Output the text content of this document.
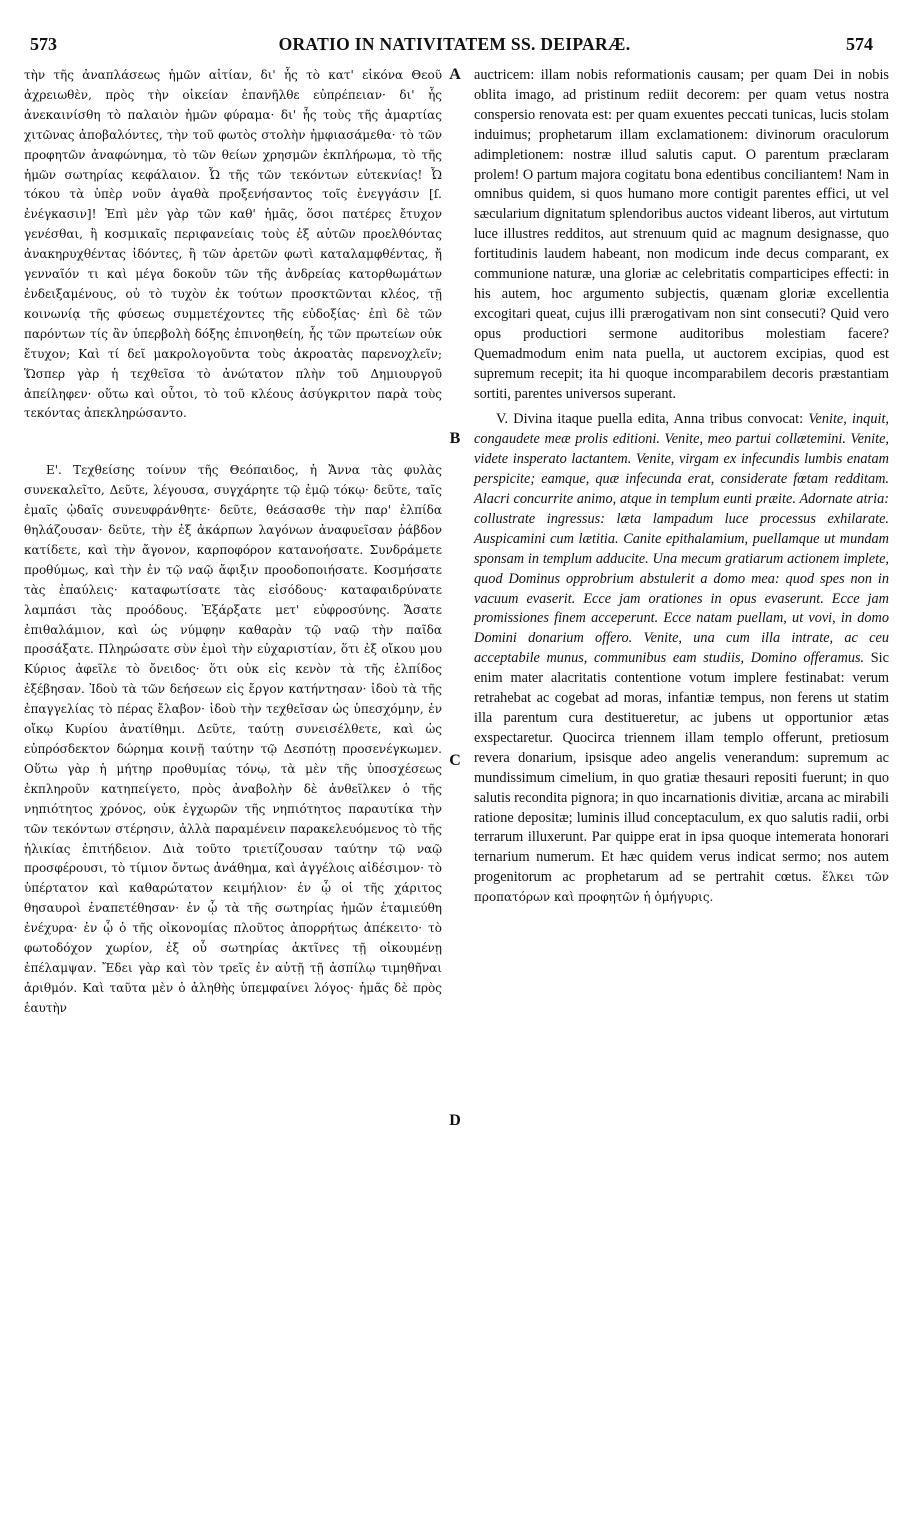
573	ORATIO IN NATIVITATEM SS. DEIPARÆ.	574

τὴν τῆς ἀναπλάσεως ἡμῶν αἰτίαν, δι' ἧς τὸ κατ' εἰκόνα Θεοῦ ἀχρειωθὲν, πρὸς τὴν οἰκείαν ἐπανῆλθε εὐπρέπειαν· δι' ἧς ἀνεκαινίσθη τὸ παλαιὸν ἡμῶν φύραμα· δι' ἧς τοὺς τῆς ἁμαρτίας χιτῶνας ἀποβαλόντες, τὴν τοῦ φωτὸς στολὴν ἠμφιασάμεθα· τὸ τῶν προφητῶν ἀναφώνημα, τὸ τῶν θείων χρησμῶν ἐκπλήρωμα, τὸ τῆς ἡμῶν σωτηρίας κεφάλαιον. Ὦ τῆς τῶν τεκόντων εὐτεκνίας! Ὦ τόκου τὰ ὑπὲρ νοῦν ἀγαθὰ προξενήσαντος τοῖς ἐνεγγάσιν [ſ. ἐνέγκασιν]! Ἐπὶ μὲν γὰρ τῶν καθ' ἡμᾶς, ὅσοι πατέρες ἔτυχον γενέσθαι, ἢ κοσμικαῖς περιφανείαις τοὺς ἐξ αὐτῶν προελθόντας ἀνακηρυχθέντας ἰδόντες, ἢ τῶν ἀρετῶν φωτὶ καταλαμφθέντας, ἤ γενναῖόν τι καὶ μέγα δοκοῦν τῶν τῆς ἀνδρείας κατορθωμάτων ἐνδειξαμένους, οὐ τὸ τυχὸν ἐκ τούτων προσκτῶνται κλέος, τῇ κοινωνίᾳ τῆς φύσεως συμμετέχοντες τῆς εὐδοξίας· ἐπὶ δὲ τῶν παρόντων τίς ἂν ὑπερβολὴ δόξης ἐπινοηθείη, ἧς τῶν πρωτείων οὐκ ἔτυχον; Καὶ τί δεῖ μακρολογοῦντα τοὺς ἀκροατὰς παρενοχλεῖν; Ὥσπερ γὰρ ἡ τεχθεῖσα τὸ ἀνώτατον πλὴν τοῦ Δημιουργοῦ ἀπείληφεν· οὕτω καὶ οὗτοι, τὸ τοῦ κλέους ἀσύγκριτον παρὰ τοὺς τεκόντας ἀπεκληρώσαντο.

Ε'. Τεχθείσης τοίνυν τῆς Θεόπαιδος, ἡ Ἄννα τὰς φυλὰς συνεκαλεῖτο, Δεῦτε, λέγουσα, συγχάρητε τῷ ἐμῷ τόκῳ· δεῦτε, ταῖς ἐμαῖς ᾠδαῖς συνευφράνθητε· δεῦτε, θεάσασθε τὴν παρ' ἐλπίδα θηλάζουσαν· δεῦτε, τὴν ἐξ ἀκάρπων λαγόνων ἀναφυεῖσαν ῥάβδον κατίδετε, καὶ τὴν ἄγονον, καρποφόρον κατανοήσατε. Συνδράμετε προθύμως, καὶ τὴν ἐν τῷ ναῷ ἄφιξιν προοδοποιήσατε. Κοσμήσατε τὰς ἐπαύλεις· καταφωτίσατε τὰς εἰσόδους· καταφαιδρύνατε λαμπάσι τὰς προόδους. Ἐξάρξατε μετ' εὐφροσύνης. Ἄσατε ἐπιθαλάμιον, καὶ ὡς νύμφην καθαρὰν τῷ ναῷ τὴν παῖδα προσάξατε. Πληρώσατε σὺν ἐμοὶ τὴν εὐχαριστίαν, ὅτι ἐξ οἴκου μου Κύριος ἀφεῖλε τὸ ὄνειδος· ὅτι οὐκ εἰς κενὸν τὰ τῆς ἐλπίδος ἐξέβησαν. Ἰδοὺ τὰ τῶν δεήσεων εἰς ἔργον κατήντησαν· ἰδοὺ τὰ τῆς ἐπαγγελίας τὸ πέρας ἔλαβον· ἰδοὺ τὴν τεχθεῖσαν ὡς ὑπεσχόμην, ἐν οἴκῳ Κυρίου ἀνατίθημι. Δεῦτε, ταύτῃ συνεισέλθετε, καὶ ὡς εὐπρόσδεκτον δώρημα κοινῇ ταύτην τῷ Δεσπότῃ προσενέγκωμεν. Οὕτω γὰρ ἡ μήτηρ προθυμίας τόνῳ, τὰ μὲν τῆς ὑποσχέσεως ἐκπληροῦν κατηπείγετο, πρὸς ἀναβολὴν δὲ ἀνθεῖλκεν ὁ τῆς νηπιότητος χρόνος, οὐκ ἐγχωρῶν τῆς νηπιότητος παραυτίκα τὴν τῶν τεκόντων στέρησιν, ἀλλὰ παραμένειν παρακελευόμενος τὸ τῆς ἡλικίας ἐπιτήδειον. Διὰ τοῦτο τριετίζουσαν ταύτην τῷ ναῷ προσφέρουσι, τὸ τίμιον ὄντως ἀνάθημα, καὶ ἀγγέλοις αἰδέσιμον· τὸ ὑπέρτατον καὶ καθαρώτατον κειμήλιον· ἐν ᾧ οἱ τῆς χάριτος θησαυροὶ ἐναπετέθησαν· ἐν ᾧ τὰ τῆς σωτηρίας ἡμῶν ἐταμιεύθη ἐνέχυρα· ἐν ᾧ ὁ τῆς οἰκονομίας πλοῦτος ἀπορρήτως ἀπέκειτο· τὸ φωτοδόχον χωρίον, ἐξ οὗ σωτηρίας ἀκτῖνες τῇ οἰκουμένῃ ἐπέλαμψαν. Ἔδει γὰρ καὶ τὸν τρεῖς ἐν αὐτῇ τῇ ἀσπίλῳ τιμηθῆναι ἀριθμόν. Καὶ ταῦτα μὲν ὁ ἀληθὴς ὑπεμφαίνει λόγος· ἡμᾶς δὲ πρὸς ἑαυτὴν

A
B
C
D

auctricem: illam nobis reformationis causam; per quam Dei in nobis oblita imago, ad pristinum rediit decorem: per quam vetus nostra conspersio renovata est: per quam exuentes peccati tunicas, lucis stolam induimus; prophetarum illam exclamationem: divinorum oraculorum adimpletionem: nostræ illud salutis caput. O parentum præclaram prolem! O partum majora cogitatu bona edentibus conciliantem! Nam in omnibus quidem, si quos humano more contigit parentes effici, ut vel sæcularium dignitatum splendoribus auctos videant liberos, aut virtutum luce illustres redditos, aut strenuum quid ac magnum designasse, quo fortitudinis laudem habeant, non modicum inde decus comparant, ex communione naturæ, una gloriæ ac celebritatis comparticipes effecti: in his autem, hoc argumento subjectis, quænam gloriæ excellentia excogitari queat, cujus illi prærogativam non sint consecuti? Quid vero opus productiori sermone auditoribus molestiam facere? Quemadmodum enim nata puella, ut auctorem excipias, quod est supremum recepit; ita hi quoque incomparabilem decoris præstantiam sortiti, parentes universos superant.

V. Divina itaque puella edita, Anna tribus convocat: Venite, inquit, congaudete meæ prolis editioni. Venite, meo partui collætemini. Venite, videte insperato lactantem. Venite, virgam ex infecundis lumbis enatam perspicite; eamque, quæ infecunda erat, considerate fœtam redditam. Alacri concurrite animo, atque in templum eunti præite. Adornate atria: collustrate ingressus: læta lampadum luce processus exhilarate. Auspicamini cum lætitia. Canite epithalamium, puellamque ut mundam sponsam in templum adducite. Una mecum gratiarum actionem implete, quod Dominus opprobrium abstulerit a domo mea: quod spes non in vacuum evaserit. Ecce jam orationes in opus evaserunt. Ecce jam promissiones finem acceperunt. Ecce natam puellam, ut vovi, in domo Domini donarium offero. Venite, una cum illa intrate, ac ceu acceptabile munus, communibus eam studiis, Domino offeramus. Sic enim mater alacritatis contentione votum implere festinabat: verum retrahebat ac cogebat ad moras, infantiæ tempus, non ferens ut statim illa parentum cura destitueretur, ac jubens ut opportunior ætas exspectaretur. Quocirca triennem illam templo offerunt, pretiosum revera donarium, ipsisque adeo angelis venerandum: supremum ac mundissimum cimelium, in quo gratiæ thesauri repositi fuerunt; in quo salutis recondita pignora; in quo incarnationis divitiæ, arcana ac mirabili ratione depositæ; luminis illud conceptaculum, ex quo salutis radii, orbi terrarum illuxerunt. Par quippe erat in ipsa quoque intemerata honorari ternarium numerum. Et hæc quidem verus indicat sermo; nos autem progenitorum ac prophetarum ad se pertrahit cœtus. ἕλκει τῶν προπατόρων καὶ προφητῶν ἡ ὁμήγυρις.
